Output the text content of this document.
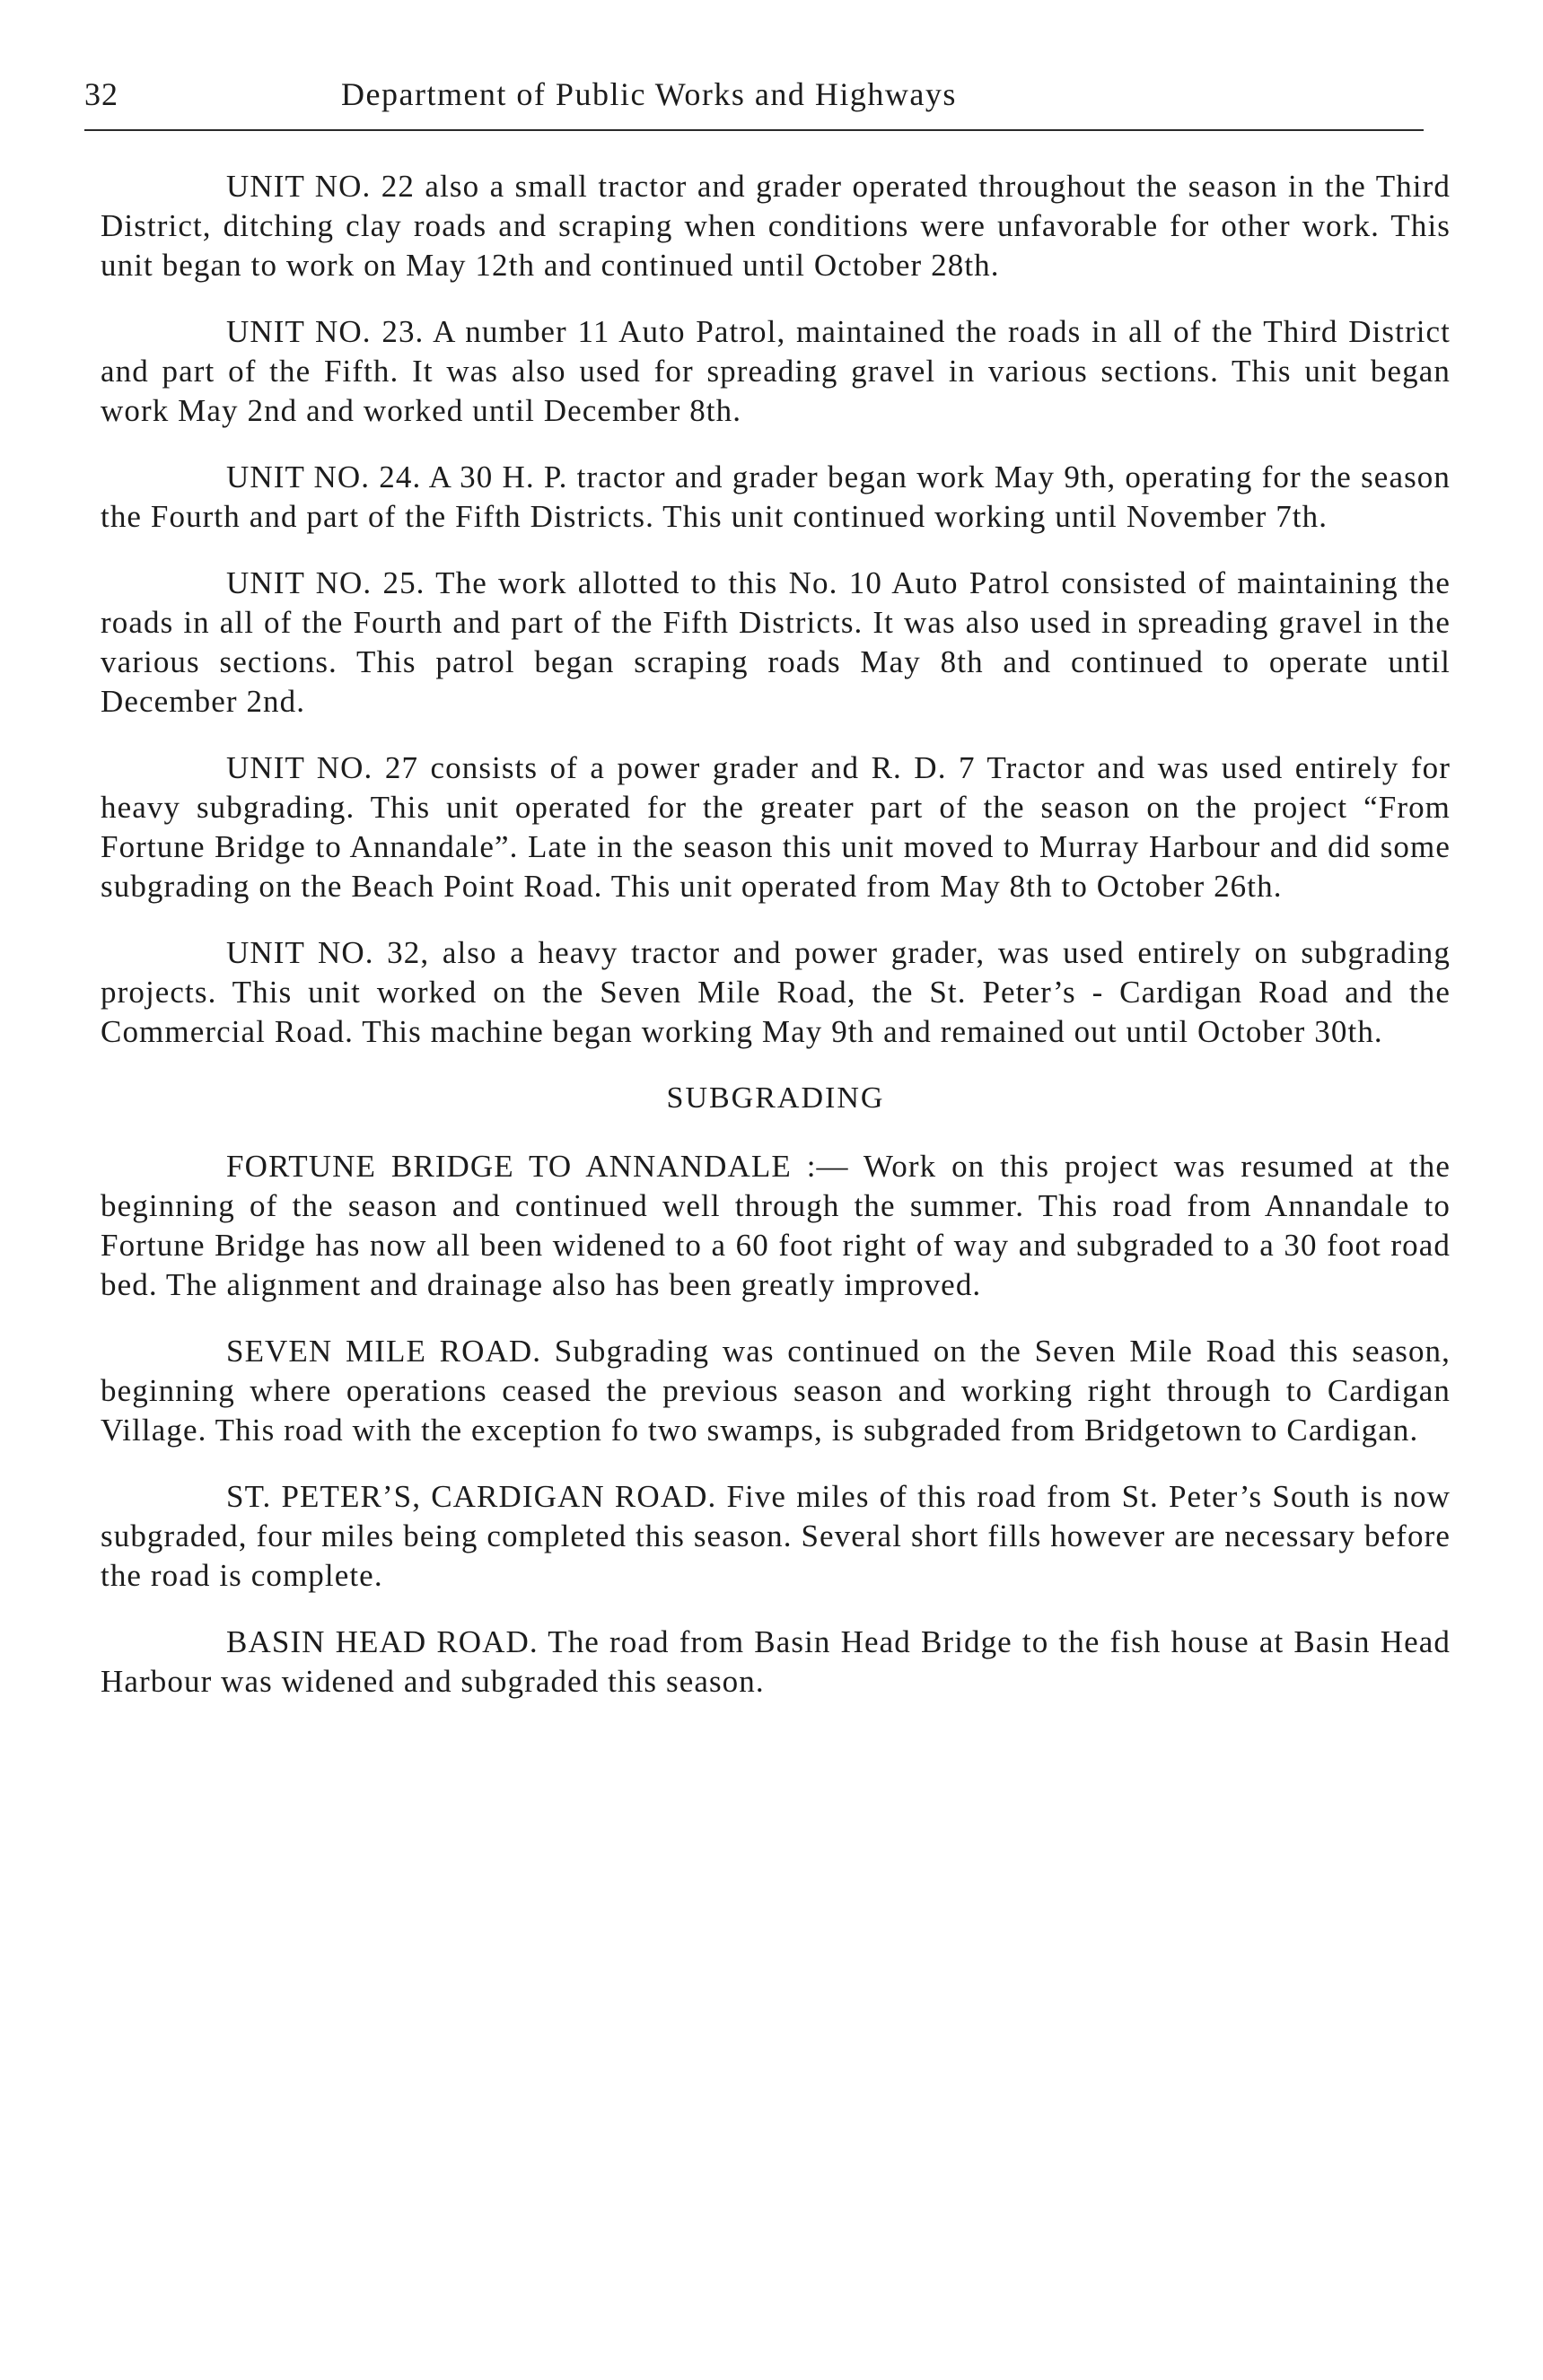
32	Department of Public Works and Highways

UNIT NO. 22 also a small tractor and grader operated throughout the season in the Third District, ditching clay roads and scraping when conditions were unfavorable for other work. This unit began to work on May 12th and continued until October 28th.

UNIT NO. 23. A number 11 Auto Patrol, maintained the roads in all of the Third District and part of the Fifth. It was also used for spreading gravel in various sections. This unit began work May 2nd and worked until December 8th.

UNIT NO. 24. A 30 H. P. tractor and grader began work May 9th, operating for the season the Fourth and part of the Fifth Districts. This unit continued working until November 7th.

UNIT NO. 25. The work allotted to this No. 10 Auto Patrol consisted of maintaining the roads in all of the Fourth and part of the Fifth Districts. It was also used in spreading gravel in the various sections. This patrol began scraping roads May 8th and continued to operate until December 2nd.

UNIT NO. 27 consists of a power grader and R. D. 7 Tractor and was used entirely for heavy subgrading. This unit operated for the greater part of the season on the project “From Fortune Bridge to Annandale”. Late in the season this unit moved to Murray Harbour and did some subgrading on the Beach Point Road. This unit operated from May 8th to October 26th.

UNIT NO. 32, also a heavy tractor and power grader, was used entirely on subgrading projects. This unit worked on the Seven Mile Road, the St. Peter’s - Cardigan Road and the Commercial Road. This machine began working May 9th and remained out until October 30th.

SUBGRADING

FORTUNE BRIDGE TO ANNANDALE :— Work on this project was resumed at the beginning of the season and continued well through the summer. This road from Annandale to Fortune Bridge has now all been widened to a 60 foot right of way and subgraded to a 30 foot road bed. The alignment and drainage also has been greatly improved.

SEVEN MILE ROAD. Subgrading was continued on the Seven Mile Road this season, beginning where operations ceased the previous season and working right through to Cardigan Village. This road with the exception fo two swamps, is subgraded from Bridgetown to Cardigan.

ST. PETER’S, CARDIGAN ROAD. Five miles of this road from St. Peter’s South is now subgraded, four miles being completed this season. Several short fills however are necessary before the road is complete.

BASIN HEAD ROAD. The road from Basin Head Bridge to the fish house at Basin Head Harbour was widened and subgraded this season.
